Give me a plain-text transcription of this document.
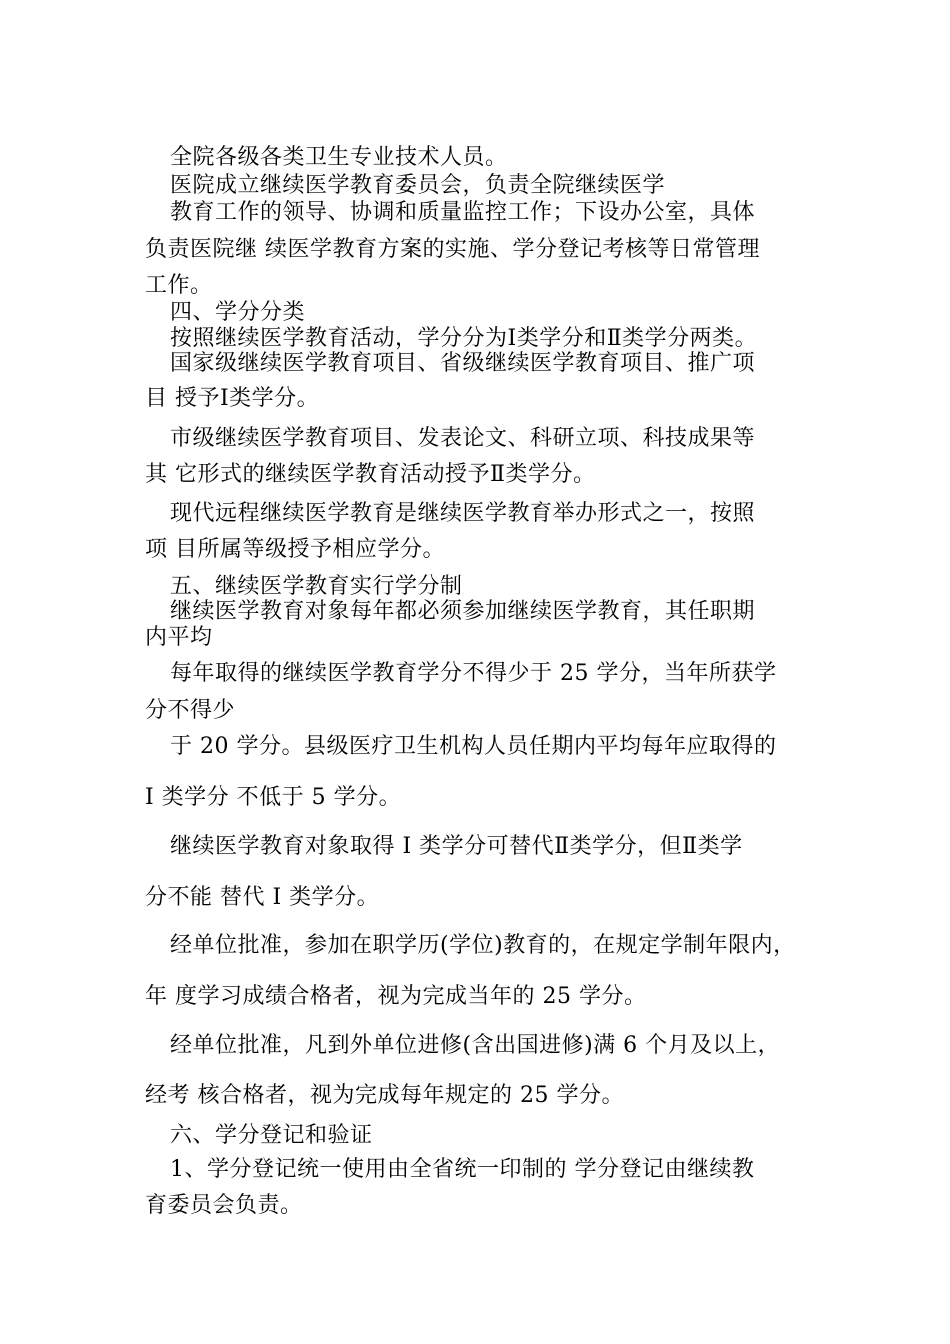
全院各级各类卫生专业技术人员。

医院成立继续医学教育委员会，负责全院继续医学

教育工作的领导、协调和质量监控工作；下设办公室，具体

负责医院继 续医学教育方案的实施、学分登记考核等日常管理

工作。

四、学分分类

按照继续医学教育活动，学分分为Ⅰ类学分和Ⅱ类学分两类。

国家级继续医学教育项目、省级继续医学教育项目、推广项

目 授予Ⅰ类学分。

市级继续医学教育项目、发表论文、科研立项、科技成果等

其 它形式的继续医学教育活动授予Ⅱ类学分。

现代远程继续医学教育是继续医学教育举办形式之一，按照

项 目所属等级授予相应学分。

五、继续医学教育实行学分制

继续医学教育对象每年都必须参加继续医学教育，其任职期

内平均

每年取得的继续医学教育学分不得少于 25 学分，当年所获学

分不得少

于 20 学分。县级医疗卫生机构人员任期内平均每年应取得的

I 类学分 不低于 5 学分。

继续医学教育对象取得 I 类学分可替代Ⅱ类学分，但Ⅱ类学

分不能 替代 I 类学分。

经单位批准，参加在职学历(学位)教育的，在规定学制年限内，

年 度学习成绩合格者，视为完成当年的 25 学分。

经单位批准，凡到外单位进修(含出国进修)满 6 个月及以上，

经考 核合格者，视为完成每年规定的 25 学分。

六、学分登记和验证

1、学分登记统一使用由全省统一印制的 学分登记由继续教

育委员会负责。
